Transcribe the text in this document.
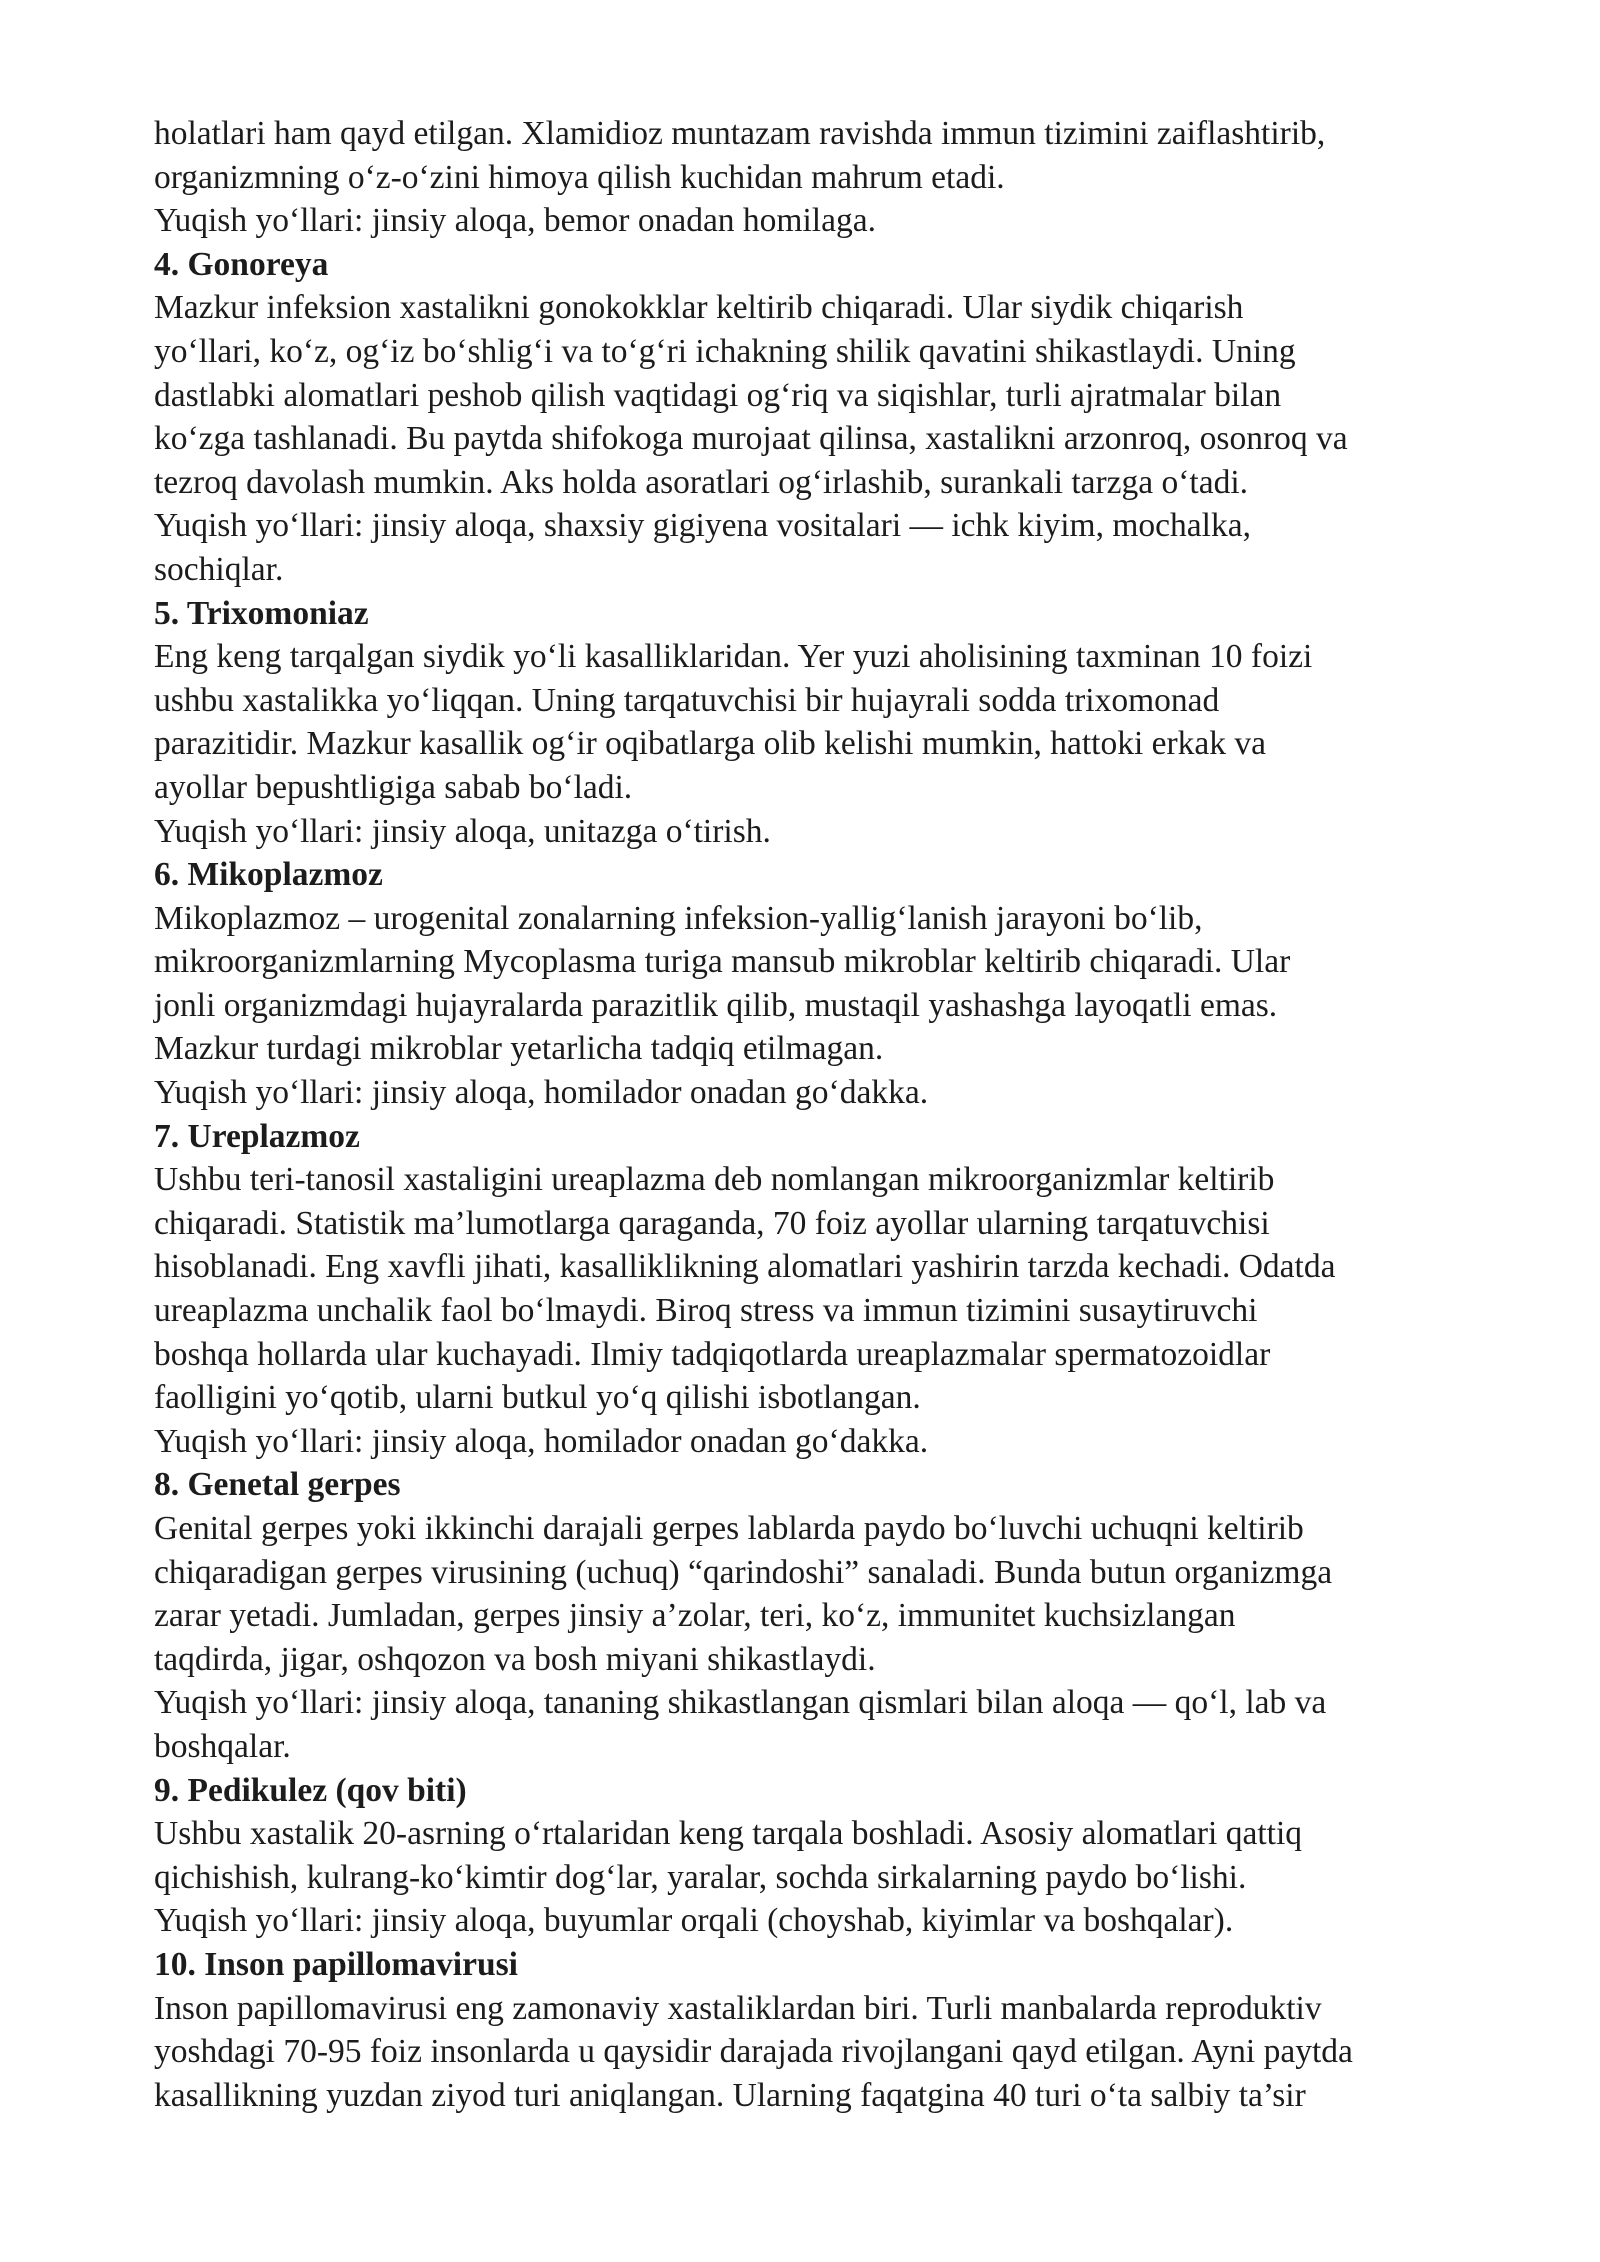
holatlari ham qayd etilgan. Xlamidioz muntazam ravishda immun tizimini zaiflashtirib,
organizmning o‘z-o‘zini himoya qilish kuchidan mahrum etadi.
Yuqish yo‘llari: jinsiy aloqa, bemor onadan homilaga.
4. Gonoreya
Mazkur infeksion xastalikni gonokokklar keltirib chiqaradi. Ular siydik chiqarish
yo‘llari, ko‘z, og‘iz bo‘shlig‘i va to‘g‘ri ichakning shilik qavatini shikastlaydi. Uning
dastlabki alomatlari peshob qilish vaqtidagi og‘riq va siqishlar, turli ajratmalar bilan
ko‘zga tashlanadi. Bu paytda shifokoga murojaat qilinsa, xastalikni arzonroq, osonroq va
tezroq davolash mumkin. Aks holda asoratlari og‘irlashib, surankali tarzga o‘tadi.
Yuqish yo‘llari: jinsiy aloqa, shaxsiy gigiyena vositalari — ichk kiyim, mochalka,
sochiqlar.
5. Trixomoniaz
Eng keng tarqalgan siydik yo‘li kasalliklaridan. Yer yuzi aholisining taxminan 10 foizi
ushbu xastalikka yo‘liqqan. Uning tarqatuvchisi bir hujayrali sodda trixomonad
parazitidir. Mazkur kasallik og‘ir oqibatlarga olib kelishi mumkin, hattoki erkak va
ayollar bepushtligiga sabab bo‘ladi.
Yuqish yo‘llari: jinsiy aloqa, unitazga o‘tirish.
6. Mikoplazmoz
Mikoplazmoz – urogenital zonalarning infeksion-yallig‘lanish jarayoni bo‘lib,
mikroorganizmlarning Mycoplasma turiga mansub mikroblar keltirib chiqaradi. Ular
jonli organizmdagi hujayralarda parazitlik qilib, mustaqil yashashga layoqatli emas.
Mazkur turdagi mikroblar yetarlicha tadqiq etilmagan.
Yuqish yo‘llari: jinsiy aloqa, homilador onadan go‘dakka.
7. Ureplazmoz
Ushbu teri-tanosil xastaligini ureaplazma deb nomlangan mikroorganizmlar keltirib
chiqaradi. Statistik ma’lumotlarga qaraganda, 70 foiz ayollar ularning tarqatuvchisi
hisoblanadi. Eng xavfli jihati, kasalliklikning alomatlari yashirin tarzda kechadi. Odatda
ureaplazma unchalik faol bo‘lmaydi. Biroq stress va immun tizimini susaytiruvchi
boshqa hollarda ular kuchayadi. Ilmiy tadqiqotlarda ureaplazmalar spermatozoidlar
faolligini yo‘qotib, ularni butkul yo‘q qilishi isbotlangan.
Yuqish yo‘llari: jinsiy aloqa, homilador onadan go‘dakka.
8. Genetal gerpes
Genital gerpes yoki ikkinchi darajali gerpes lablarda paydo bo‘luvchi uchuqni keltirib
chiqaradigan gerpes virusining (uchuq) “qarindoshi” sanaladi. Bunda butun organizmga
zarar yetadi. Jumladan, gerpes jinsiy a’zolar, teri, ko‘z, immunitet kuchsizlangan
taqdirda, jigar, oshqozon va bosh miyani shikastlaydi.
Yuqish yo‘llari: jinsiy aloqa, tananing shikastlangan qismlari bilan aloqa — qo‘l, lab va
boshqalar.
9. Pedikulez (qov biti)
Ushbu xastalik 20-asrning o‘rtalaridan keng tarqala boshladi. Asosiy alomatlari qattiq
qichishish, kulrang-ko‘kimtir dog‘lar, yaralar, sochda sirkalarning paydo bo‘lishi.
Yuqish yo‘llari: jinsiy aloqa, buyumlar orqali (choyshab, kiyimlar va boshqalar).
10. Inson papillomavirusi
Inson papillomavirusi eng zamonaviy xastaliklardan biri. Turli manbalarda reproduktiv
yoshdagi 70-95 foiz insonlarda u qaysidir darajada rivojlangani qayd etilgan. Ayni paytda
kasallikning yuzdan ziyod turi aniqlangan. Ularning faqatgina 40 turi o‘ta salbiy ta’sir
